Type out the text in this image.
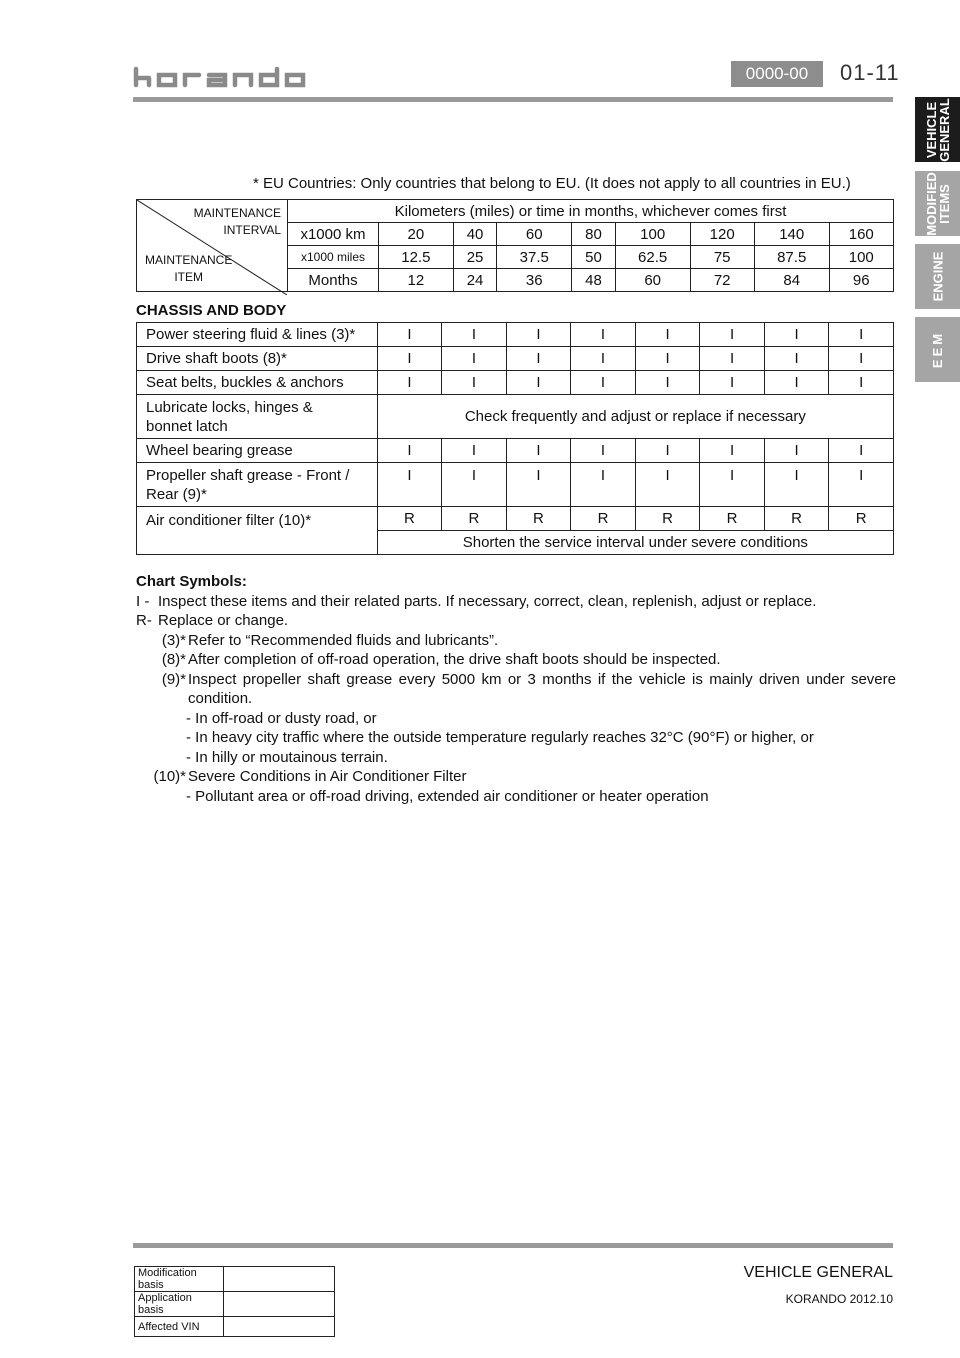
0000-00	01-11
VEHICLE
GENERAL
MODIFIED
ITEMS
ENGINE
EEM
* EU Countries: Only countries that belong to EU. (It does not apply to all countries in EU.)
MAINTENANCE
INTERVAL
MAINTENANCE
ITEM	Kilometers (miles) or time in months, whichever comes first								
	x1000 km	20	40	60	80	100	120	140	160
	x1000 miles	12.5	25	37.5	50	62.5	75	87.5	100
	Months	12	24	36	48	60	72	84	96
CHASSIS AND BODY
Power steering fluid & lines (3)*	I	I	I	I	I	I	I	I
Drive shaft boots (8)*	I	I	I	I	I	I	I	I
Seat belts, buckles & anchors	I	I	I	I	I	I	I	I
Lubricate locks, hinges &
bonnet latch	Check frequently and adjust or replace if necessary							
Wheel bearing grease	I	I	I	I	I	I	I	I
Propeller shaft grease - Front /
Rear (9)*	I	I	I	I	I	I	I	I
Air conditioner filter (10)*	R	R	R	R	R	R	R	R
	Shorten the service interval under severe conditions							
Chart Symbols:
I - Inspect these items and their related parts. If necessary, correct, clean, replenish, adjust or replace.
R- Replace or change.
(3)* Refer to “Recommended fluids and lubricants”.
(8)* After completion of off-road operation, the drive shaft boots should be inspected.
(9)* Inspect propeller shaft grease every 5000 km or 3 months if the vehicle is mainly driven under severe condition.
- In off-road or dusty road, or
- In heavy city traffic where the outside temperature regularly reaches 32°C (90°F) or higher, or
- In hilly or moutainous terrain.
(10)* Severe Conditions in Air Conditioner Filter
- Pollutant area or off-road driving, extended air conditioner or heater operation
Modification basis	
Application basis	
Affected VIN	
VEHICLE GENERAL
KORANDO 2012.10
